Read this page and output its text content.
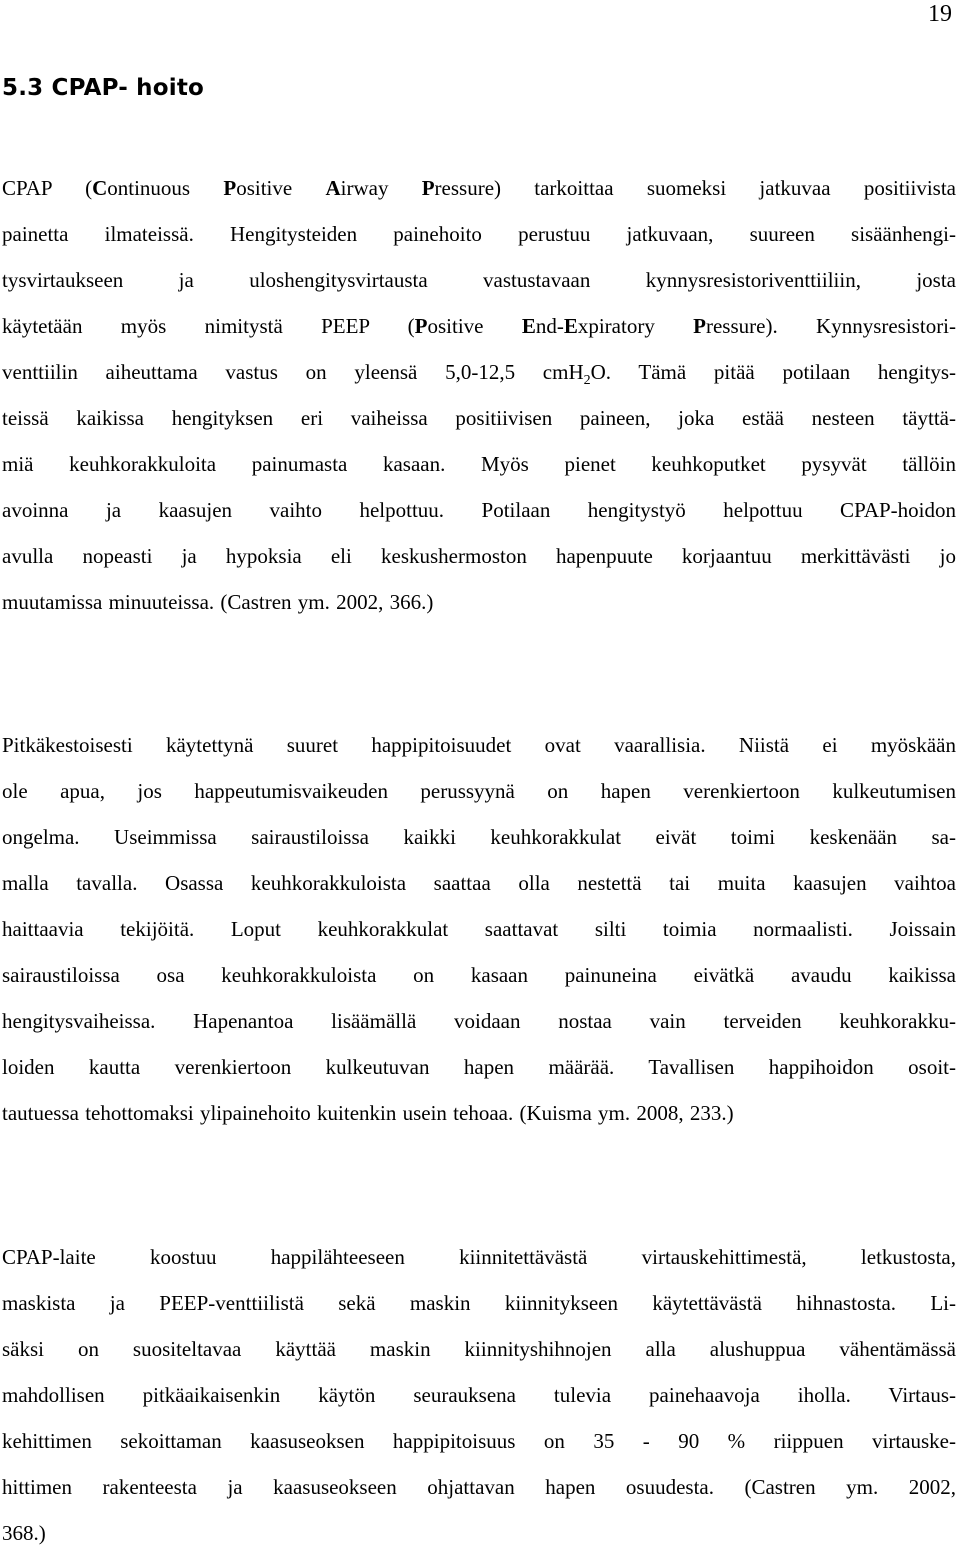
19
5.3 CPAP- hoito
CPAP (Continuous Positive Airway Pressure) tarkoittaa suomeksi jatkuvaa positiivista
painetta ilmateissä. Hengitysteiden painehoito perustuu jatkuvaan, suureen sisäänhengi-
tysvirtaukseen ja uloshengitysvirtausta vastustavaan kynnysresistoriventtiiliin, josta
käytetään myös nimitystä PEEP (Positive End-Expiratory Pressure). Kynnysresistori-
venttiilin aiheuttama vastus on yleensä 5,0-12,5 cmH$_2$O. Tämä pitää potilaan hengitys-
teissä kaikissa hengityksen eri vaiheissa positiivisen paineen, joka estää nesteen täyttä-
miä keuhkorakkuloita painumasta kasaan. Myös pienet keuhkoputket pysyvät tällöin
avoinna ja kaasujen vaihto helpottuu. Potilaan hengitystyö helpottuu CPAP-hoidon
avulla nopeasti ja hypoksia eli keskushermoston hapenpuute korjaantuu merkittävästi jo
muutamissa minuuteissa. (Castren ym. 2002, 366.)
Pitkäkestoisesti käytettynä suuret happipitoisuudet ovat vaarallisia. Niistä ei myöskään
ole apua, jos happeutumisvaikeuden perussyynä on hapen verenkiertoon kulkeutumisen
ongelma. Useimmissa sairaustiloissa kaikki keuhkorakkulat eivät toimi keskenään sa-
malla tavalla. Osassa keuhkorakkuloista saattaa olla nestettä tai muita kaasujen vaihtoa
haittaavia tekijöitä. Loput keuhkorakkulat saattavat silti toimia normaalisti. Joissain
sairaustiloissa osa keuhkorakkuloista on kasaan painuneina eivätkä avaudu kaikissa
hengitysvaiheissa. Hapenantoa lisäämällä voidaan nostaa vain terveiden keuhkorakku-
loiden kautta verenkiertoon kulkeutuvan hapen määrää. Tavallisen happihoidon osoit-
tautuessa tehottomaksi ylipainehoito kuitenkin usein tehoaa. (Kuisma ym. 2008, 233.)
CPAP-laite koostuu happilähteeseen kiinnitettävästä virtauskehittimestä, letkustosta,
maskista ja PEEP-venttiilistä sekä maskin kiinnitykseen käytettävästä hihnastosta. Li-
säksi on suositeltavaa käyttää maskin kiinnityshihnojen alla alushuppua vähentämässä
mahdollisen pitkäaikaisenkin käytön seurauksena tulevia painehaavoja iholla. Virtaus-
kehittimen sekoittaman kaasuseoksen happipitoisuus on 35 - 90 % riippuen virtauske-
hittimen rakenteesta ja kaasuseokseen ohjattavan hapen osuudesta. (Castren ym. 2002,
368.)
